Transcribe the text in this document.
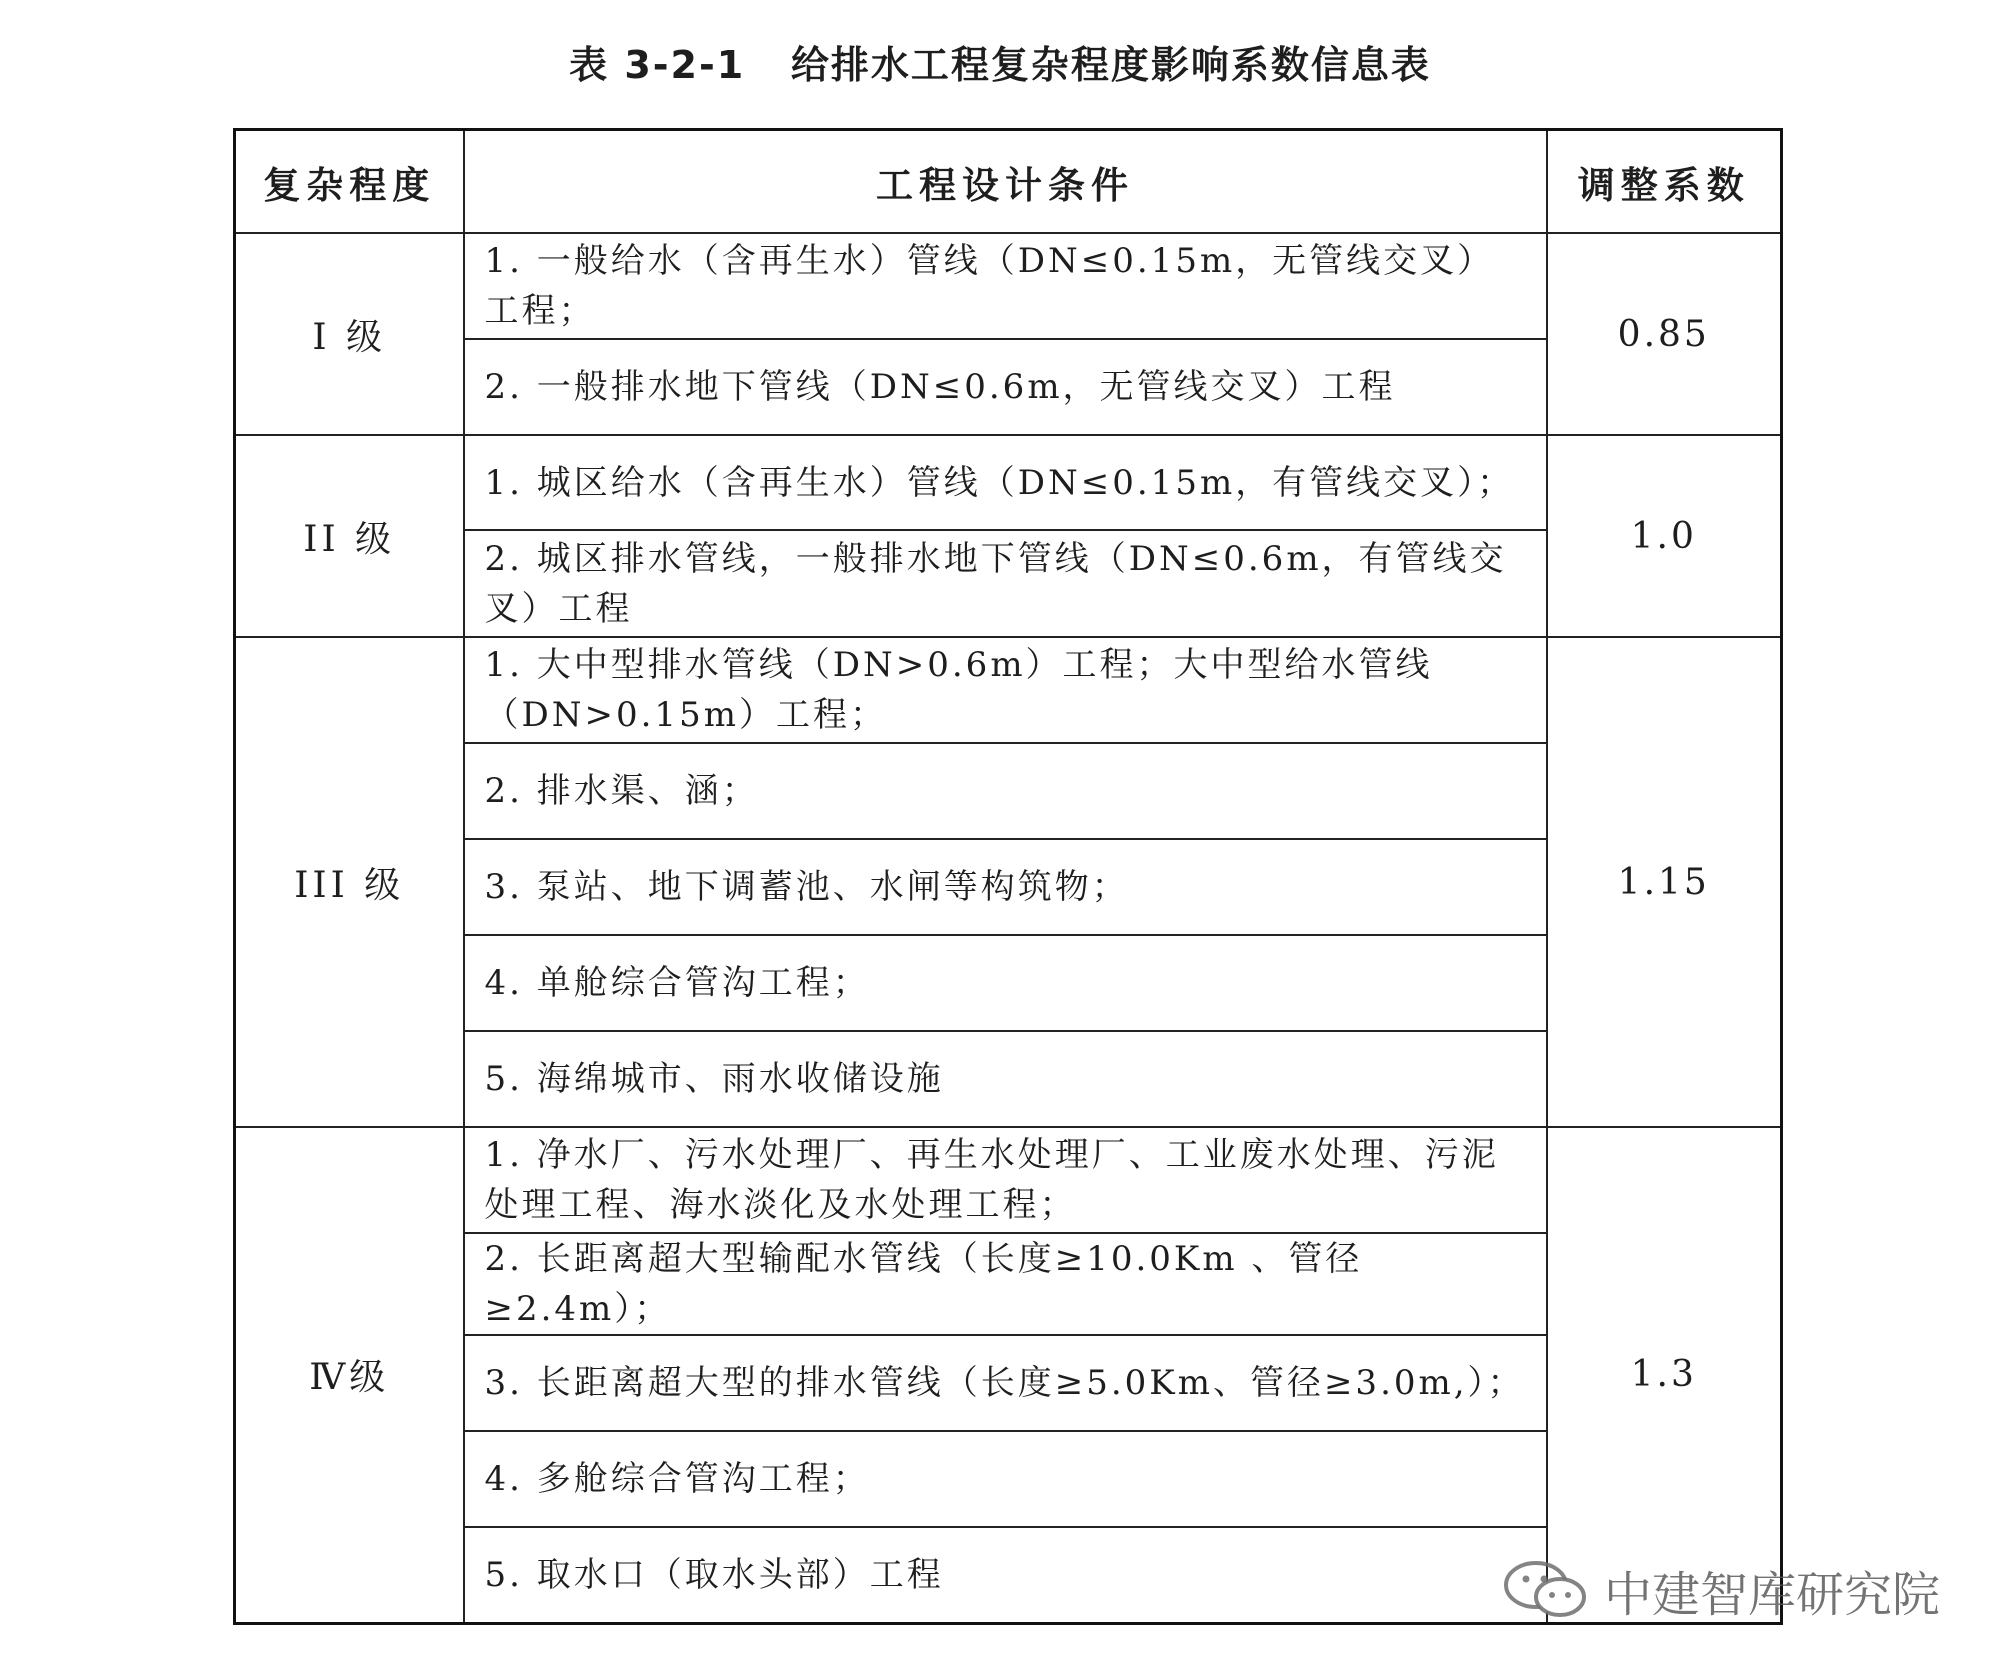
表 3-2-1   给排水工程复杂程度影响系数信息表
复杂程度	工程设计条件	调整系数
I 级	1. 一般给水（含再生水）管线（DN≤0.15m，无管线交叉）工程；	0.85
	2. 一般排水地下管线（DN≤0.6m，无管线交叉）工程	
II 级	1. 城区给水（含再生水）管线（DN≤0.15m，有管线交叉）；	1.0
	2. 城区排水管线，一般排水地下管线（DN≤0.6m，有管线交叉）工程	
III 级	1. 大中型排水管线（DN>0.6m）工程；大中型给水管线（DN>0.15m）工程；	1.15
	2. 排水渠、涵；	
	3. 泵站、地下调蓄池、水闸等构筑物；	
	4. 单舱综合管沟工程；	
	5. 海绵城市、雨水收储设施	
Ⅳ级	1. 净水厂、污水处理厂、再生水处理厂、工业废水处理、污泥处理工程、海水淡化及水处理工程；	1.3
	2. 长距离超大型输配水管线（长度≥10.0Km 、管径≥2.4m）；	
	3. 长距离超大型的排水管线（长度≥5.0Km、管径≥3.0m,）；	
	4. 多舱综合管沟工程；	
	5. 取水口（取水头部）工程		中建智库研究院
